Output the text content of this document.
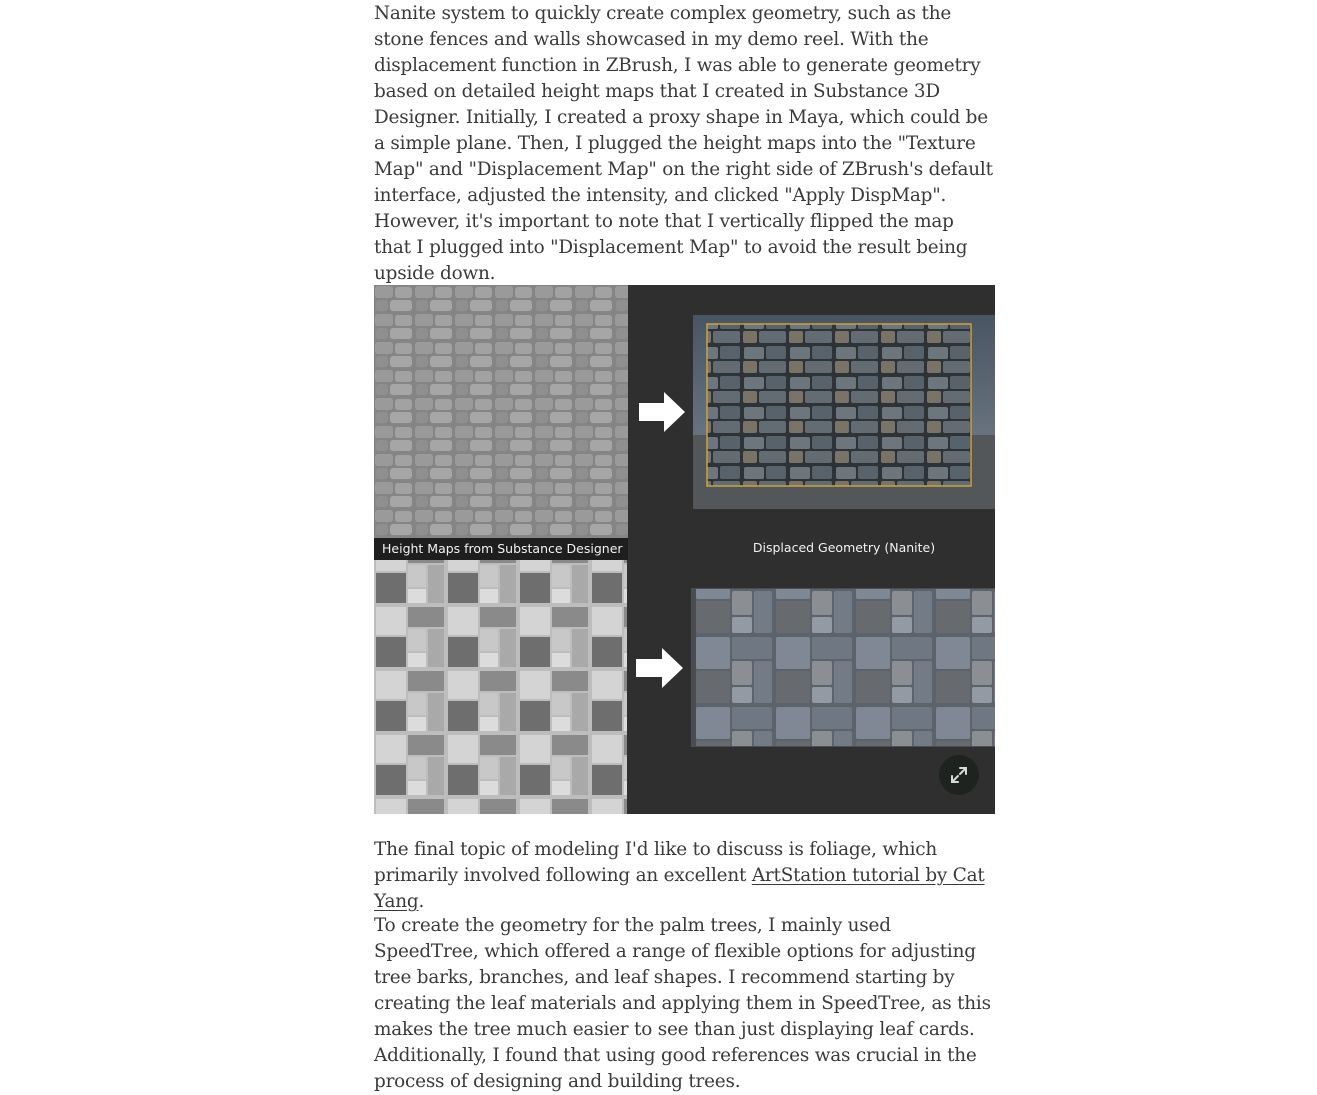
Nanite system to quickly create complex geometry, such as the stone fences and walls showcased in my demo reel. With the displacement function in ZBrush, I was able to generate geometry based on detailed height maps that I created in Substance 3D Designer. Initially, I created a proxy shape in Maya, which could be a simple plane. Then, I plugged the height maps into the "Texture Map" and "Displacement Map" on the right side of ZBrush's default interface, adjusted the intensity, and clicked "Apply DispMap". However, it's important to note that I vertically flipped the map that I plugged into "Displacement Map" to avoid the result being upside down.

The final topic of modeling I'd like to discuss is foliage, which primarily involved following an excellent ArtStation tutorial by Cat Yang.

To create the geometry for the palm trees, I mainly used SpeedTree, which offered a range of flexible options for adjusting tree barks, branches, and leaf shapes. I recommend starting by creating the leaf materials and applying them in SpeedTree, as this makes the tree much easier to see than just displaying leaf cards. Additionally, I found that using good references was crucial in the process of designing and building trees.

Height Maps from Substance Designer	Displaced Geometry (Nanite)
